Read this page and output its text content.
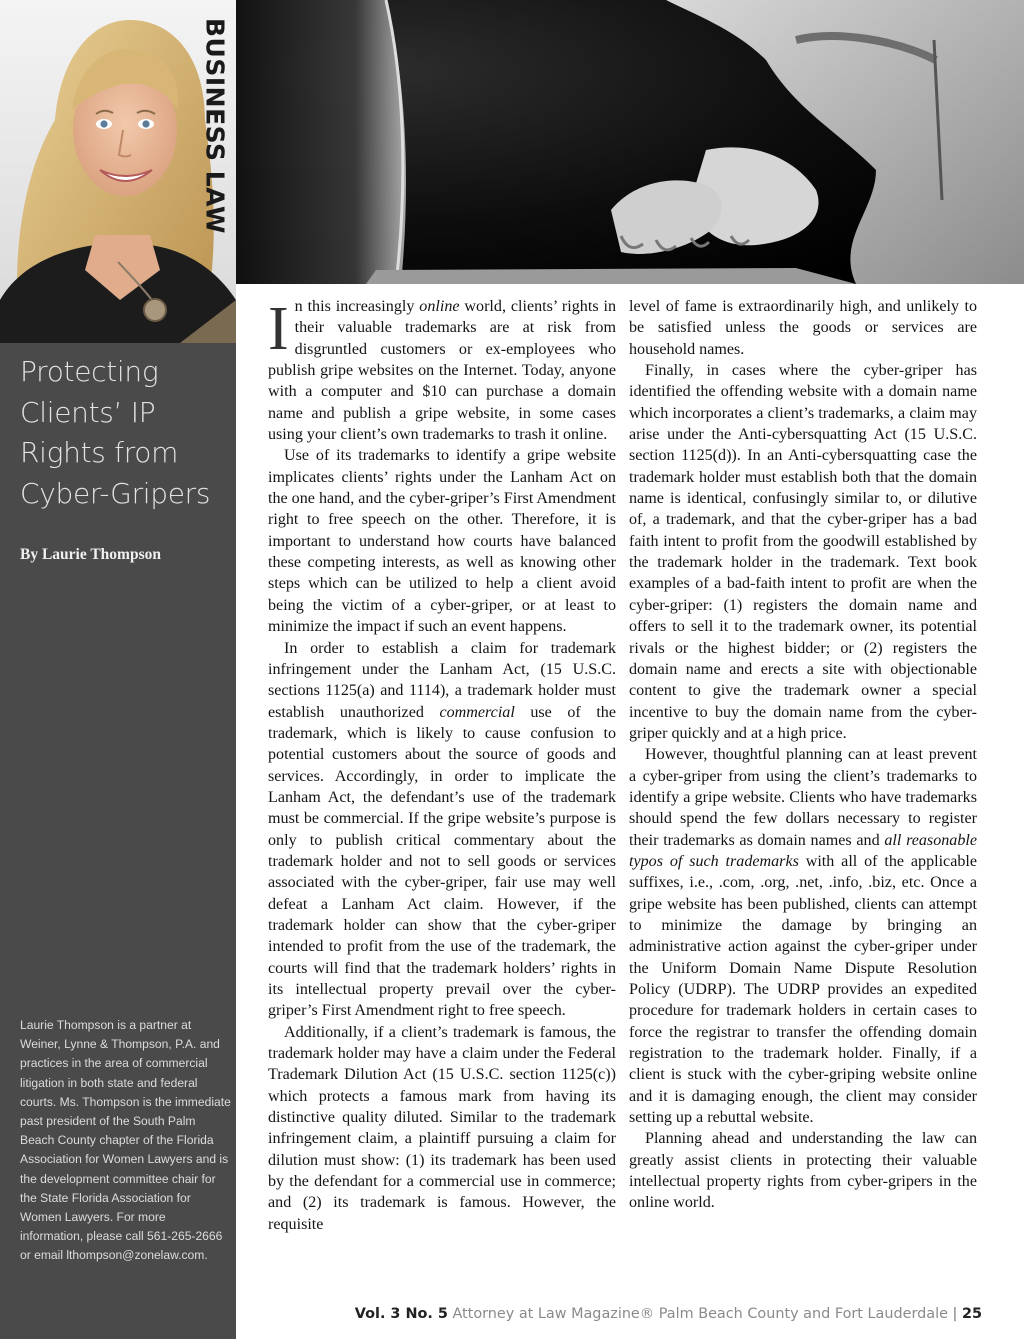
BUSINESS LAW
Protecting Clients’ IP Rights from Cyber-Gripers
By Laurie Thompson

Laurie Thompson is a partner at Weiner, Lynne & Thompson, P.A. and practices in the area of commercial litigation in both state and federal courts. Ms. Thompson is the immediate past president of the South Palm Beach County chapter of the Florida Association for Women Lawyers and is the development committee chair for the State Florida Association for Women Lawyers. For more information, please call 561-265-2666 or email lthompson@zonelaw.com.

In this increasingly online world, clients’ rights in their valuable trademarks are at risk from disgruntled customers or ex-employees who publish gripe websites on the Internet. Today, anyone with a computer and $10 can purchase a domain name and publish a gripe website, in some cases using your client’s own trademarks to trash it online.

Use of its trademarks to identify a gripe website implicates clients’ rights under the Lanham Act on the one hand, and the cyber-griper’s First Amendment right to free speech on the other. Therefore, it is important to understand how courts have balanced these competing interests, as well as knowing other steps which can be utilized to help a client avoid being the victim of a cyber-griper, or at least to minimize the impact if such an event happens.

In order to establish a claim for trademark infringement under the Lanham Act, (15 U.S.C. sections 1125(a) and 1114), a trademark holder must establish unauthorized commercial use of the trademark, which is likely to cause confusion to potential customers about the source of goods and services. Accordingly, in order to implicate the Lanham Act, the defendant’s use of the trademark must be commercial. If the gripe website’s purpose is only to publish critical commentary about the trademark holder and not to sell goods or services associated with the cyber-griper, fair use may well defeat a Lanham Act claim. However, if the trademark holder can show that the cyber-griper intended to profit from the use of the trademark, the courts will find that the trademark holders’ rights in its intellectual property prevail over the cyber-griper’s First Amendment right to free speech.

Additionally, if a client’s trademark is famous, the trademark holder may have a claim under the Federal Trademark Dilution Act (15 U.S.C. section 1125(c)) which protects a famous mark from having its distinctive quality diluted. Similar to the trademark infringement claim, a plaintiff pursuing a claim for dilution must show: (1) its trademark has been used by the defendant for a commercial use in commerce; and (2) its trademark is famous. However, the requisite

level of fame is extraordinarily high, and unlikely to be satisfied unless the goods or services are household names.

Finally, in cases where the cyber-griper has identified the offending website with a domain name which incorporates a client’s trademarks, a claim may arise under the Anti-cybersquatting Act (15 U.S.C. section 1125(d)). In an Anti-cybersquatting case the trademark holder must establish both that the domain name is identical, confusingly similar to, or dilutive of, a trademark, and that the cyber-griper has a bad faith intent to profit from the goodwill established by the trademark holder in the trademark. Text book examples of a bad-faith intent to profit are when the cyber-griper: (1) registers the domain name and offers to sell it to the trademark owner, its potential rivals or the highest bidder; or (2) registers the domain name and erects a site with objectionable content to give the trademark owner a special incentive to buy the domain name from the cyber-griper quickly and at a high price.

However, thoughtful planning can at least prevent a cyber-griper from using the client’s trademarks to identify a gripe website. Clients who have trademarks should spend the few dollars necessary to register their trademarks as domain names and all reasonable typos of such trademarks with all of the applicable suffixes, i.e., .com, .org, .net, .info, .biz, etc. Once a gripe website has been published, clients can attempt to minimize the damage by bringing an administrative action against the cyber-griper under the Uniform Domain Name Dispute Resolution Policy (UDRP). The UDRP provides an expedited procedure for trademark holders in certain cases to force the registrar to transfer the offending domain registration to the trademark holder. Finally, if a client is stuck with the cyber-griping website online and it is damaging enough, the client may consider setting up a rebuttal website.

Planning ahead and understanding the law can greatly assist clients in protecting their valuable intellectual property rights from cyber-gripers in the online world.

Vol. 3 No. 5 Attorney at Law Magazine® Palm Beach County and Fort Lauderdale | 25
